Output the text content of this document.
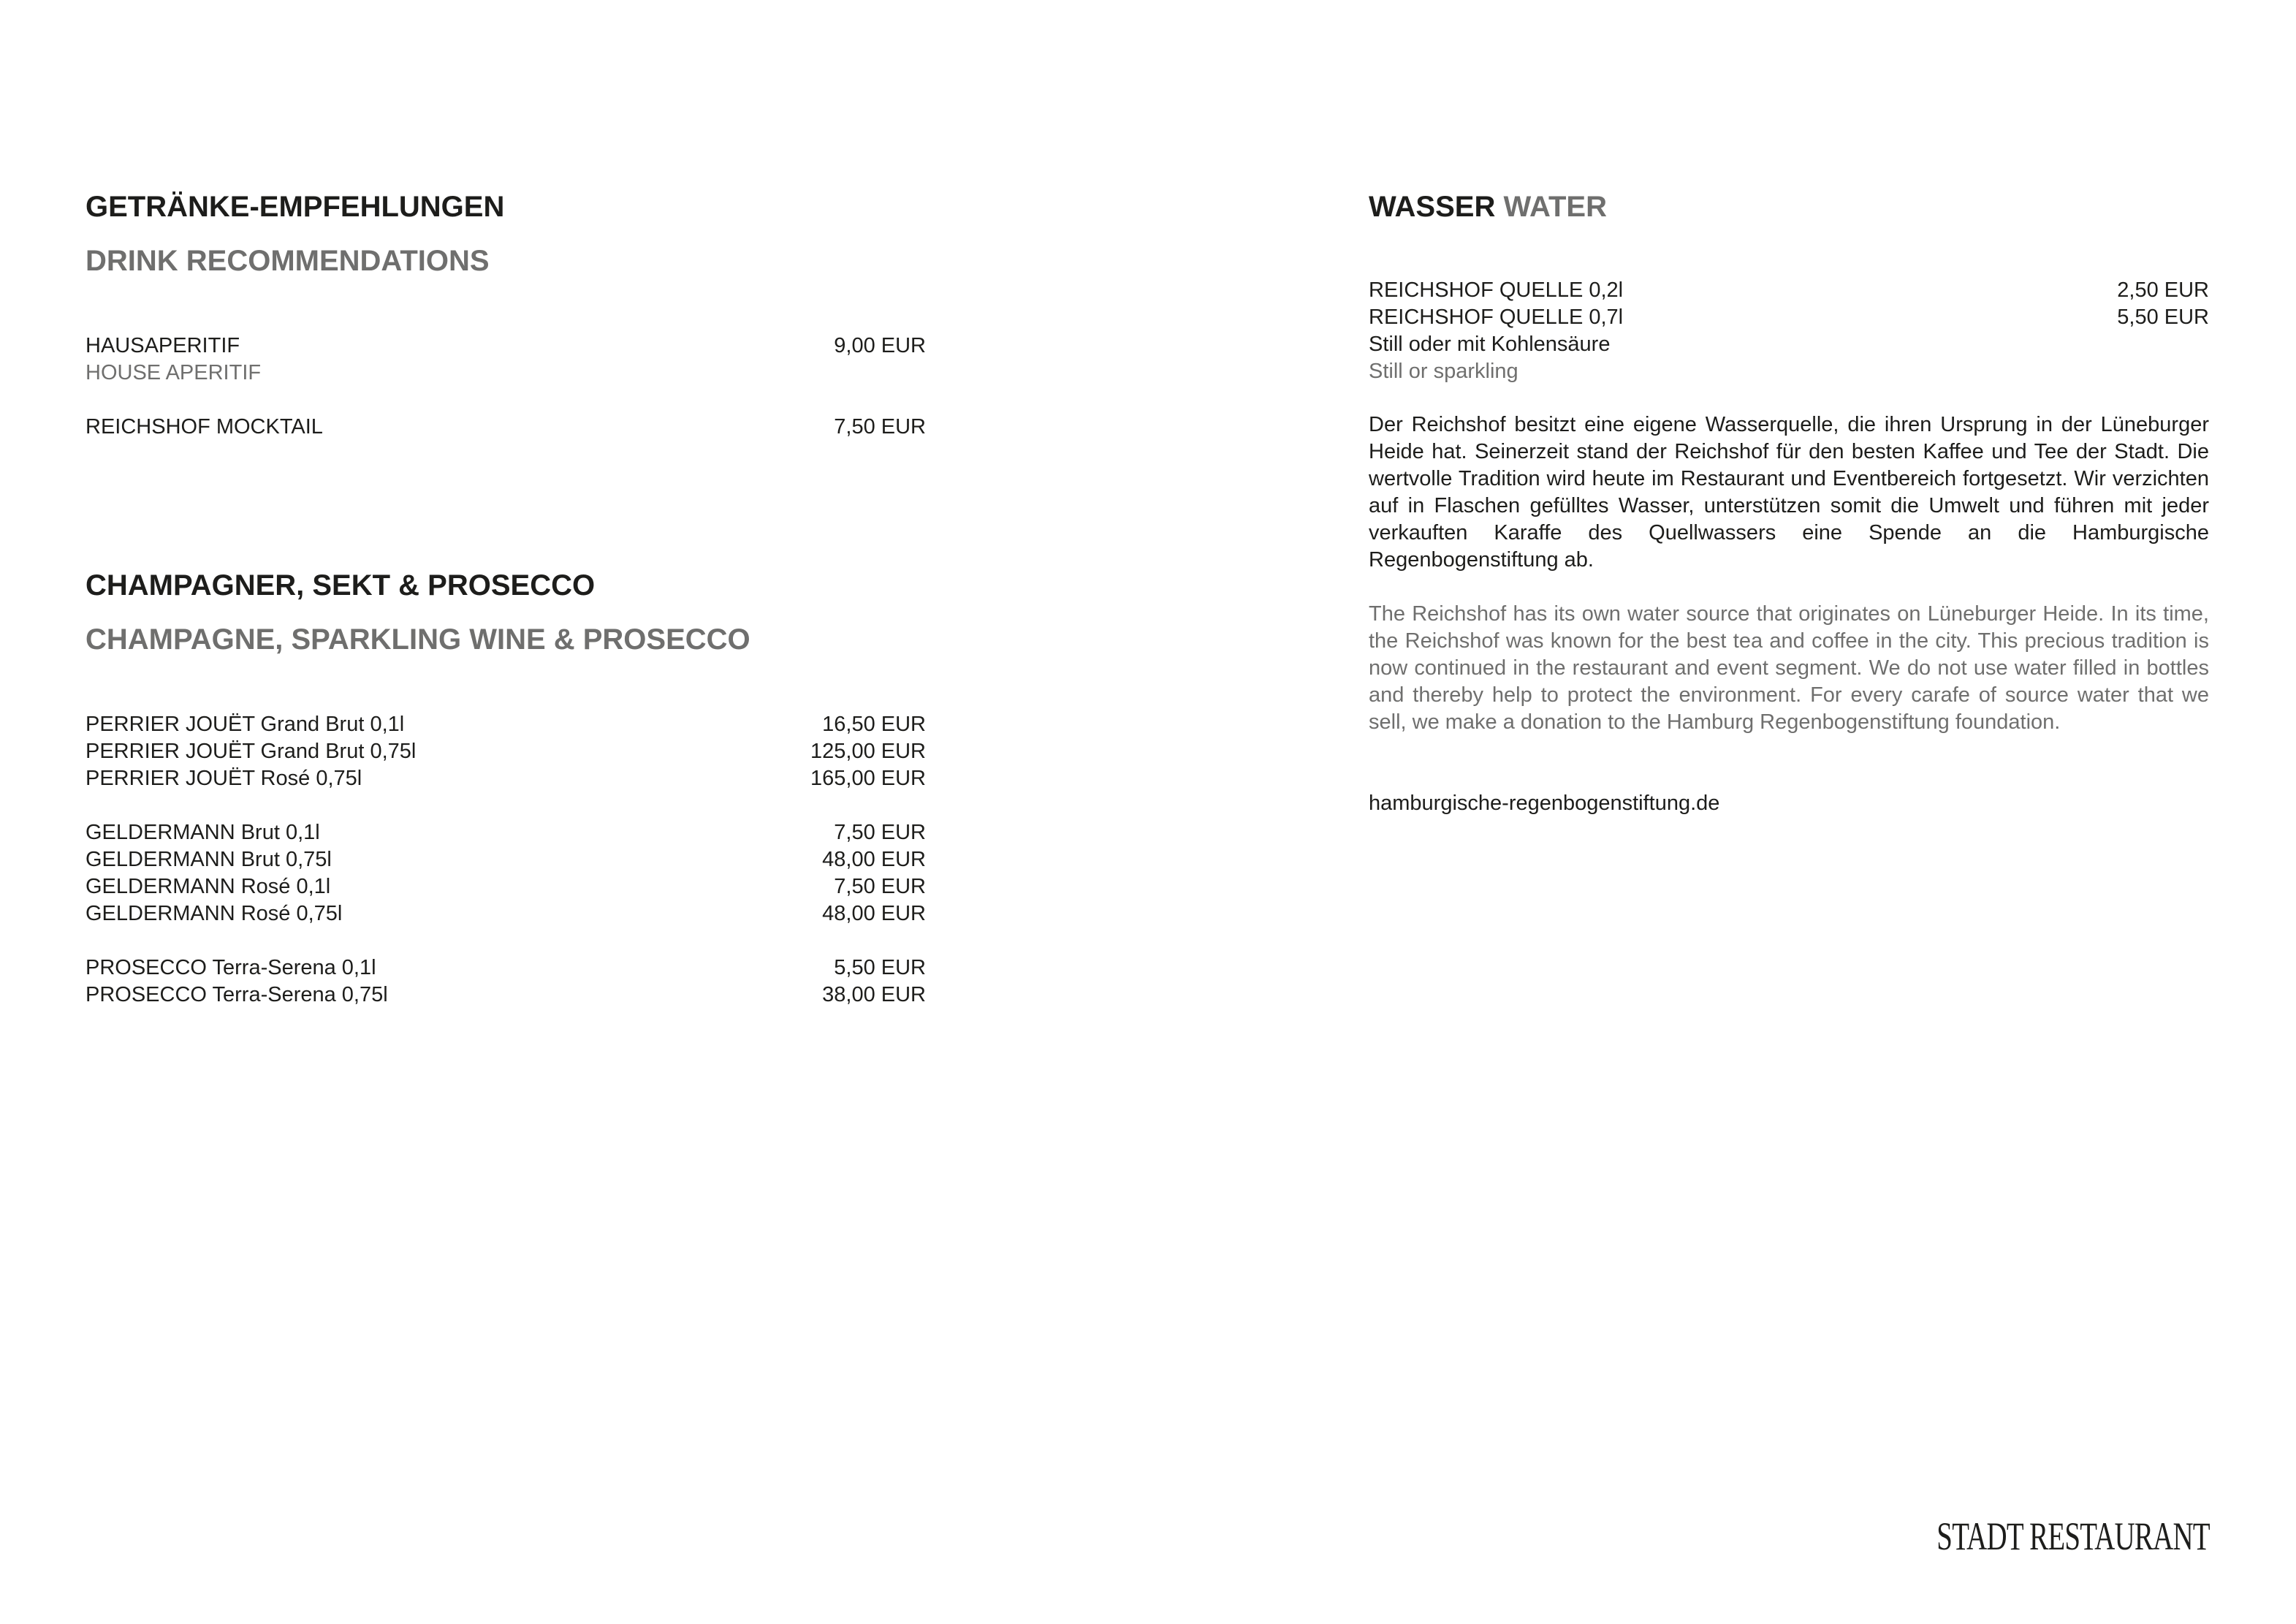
GETRÄNKE-EMPFEHLUNGEN
DRINK RECOMMENDATIONS
HAUSAPERITIF	9,00 EUR
HOUSE APERITIF
REICHSHOF MOCKTAIL	7,50 EUR
CHAMPAGNER, SEKT & PROSECCO
CHAMPAGNE, SPARKLING WINE & PROSECCO
PERRIER JOUËT Grand Brut 0,1l	16,50 EUR
PERRIER JOUËT Grand Brut 0,75l	125,00 EUR
PERRIER JOUËT Rosé 0,75l	165,00 EUR
GELDERMANN Brut 0,1l	7,50 EUR
GELDERMANN Brut 0,75l	48,00 EUR
GELDERMANN Rosé 0,1l	7,50 EUR
GELDERMANN Rosé 0,75l	48,00 EUR
PROSECCO Terra-Serena 0,1l	5,50 EUR
PROSECCO Terra-Serena 0,75l	38,00 EUR
WASSER WATER
REICHSHOF QUELLE 0,2l	2,50 EUR
REICHSHOF QUELLE 0,7l	5,50 EUR
Still oder mit Kohlensäure
Still or sparkling

Der Reichshof besitzt eine eigene Wasserquelle, die ihren Ursprung in der Lüneburger Heide hat. Seinerzeit stand der Reichshof für den besten Kaffee und Tee der Stadt. Die wertvolle Tradition wird heute im Restaurant und Eventbereich fortgesetzt. Wir verzichten auf in Flaschen gefülltes Wasser, unterstützen somit die Umwelt und führen mit jeder verkauften Karaffe des Quellwassers eine Spende an die Hamburgische Regenbogenstiftung ab.

The Reichshof has its own water source that originates on Lüneburger Heide. In its time, the Reichshof was known for the best tea and coffee in the city. This precious tradition is now continued in the restaurant and event segment. We do not use water filled in bottles and thereby help to protect the environment. For every carafe of source water that we sell, we make a donation to the Hamburg Regenbogenstiftung foundation.

hamburgische-regenbogenstiftung.de
STADT RESTAURANT
